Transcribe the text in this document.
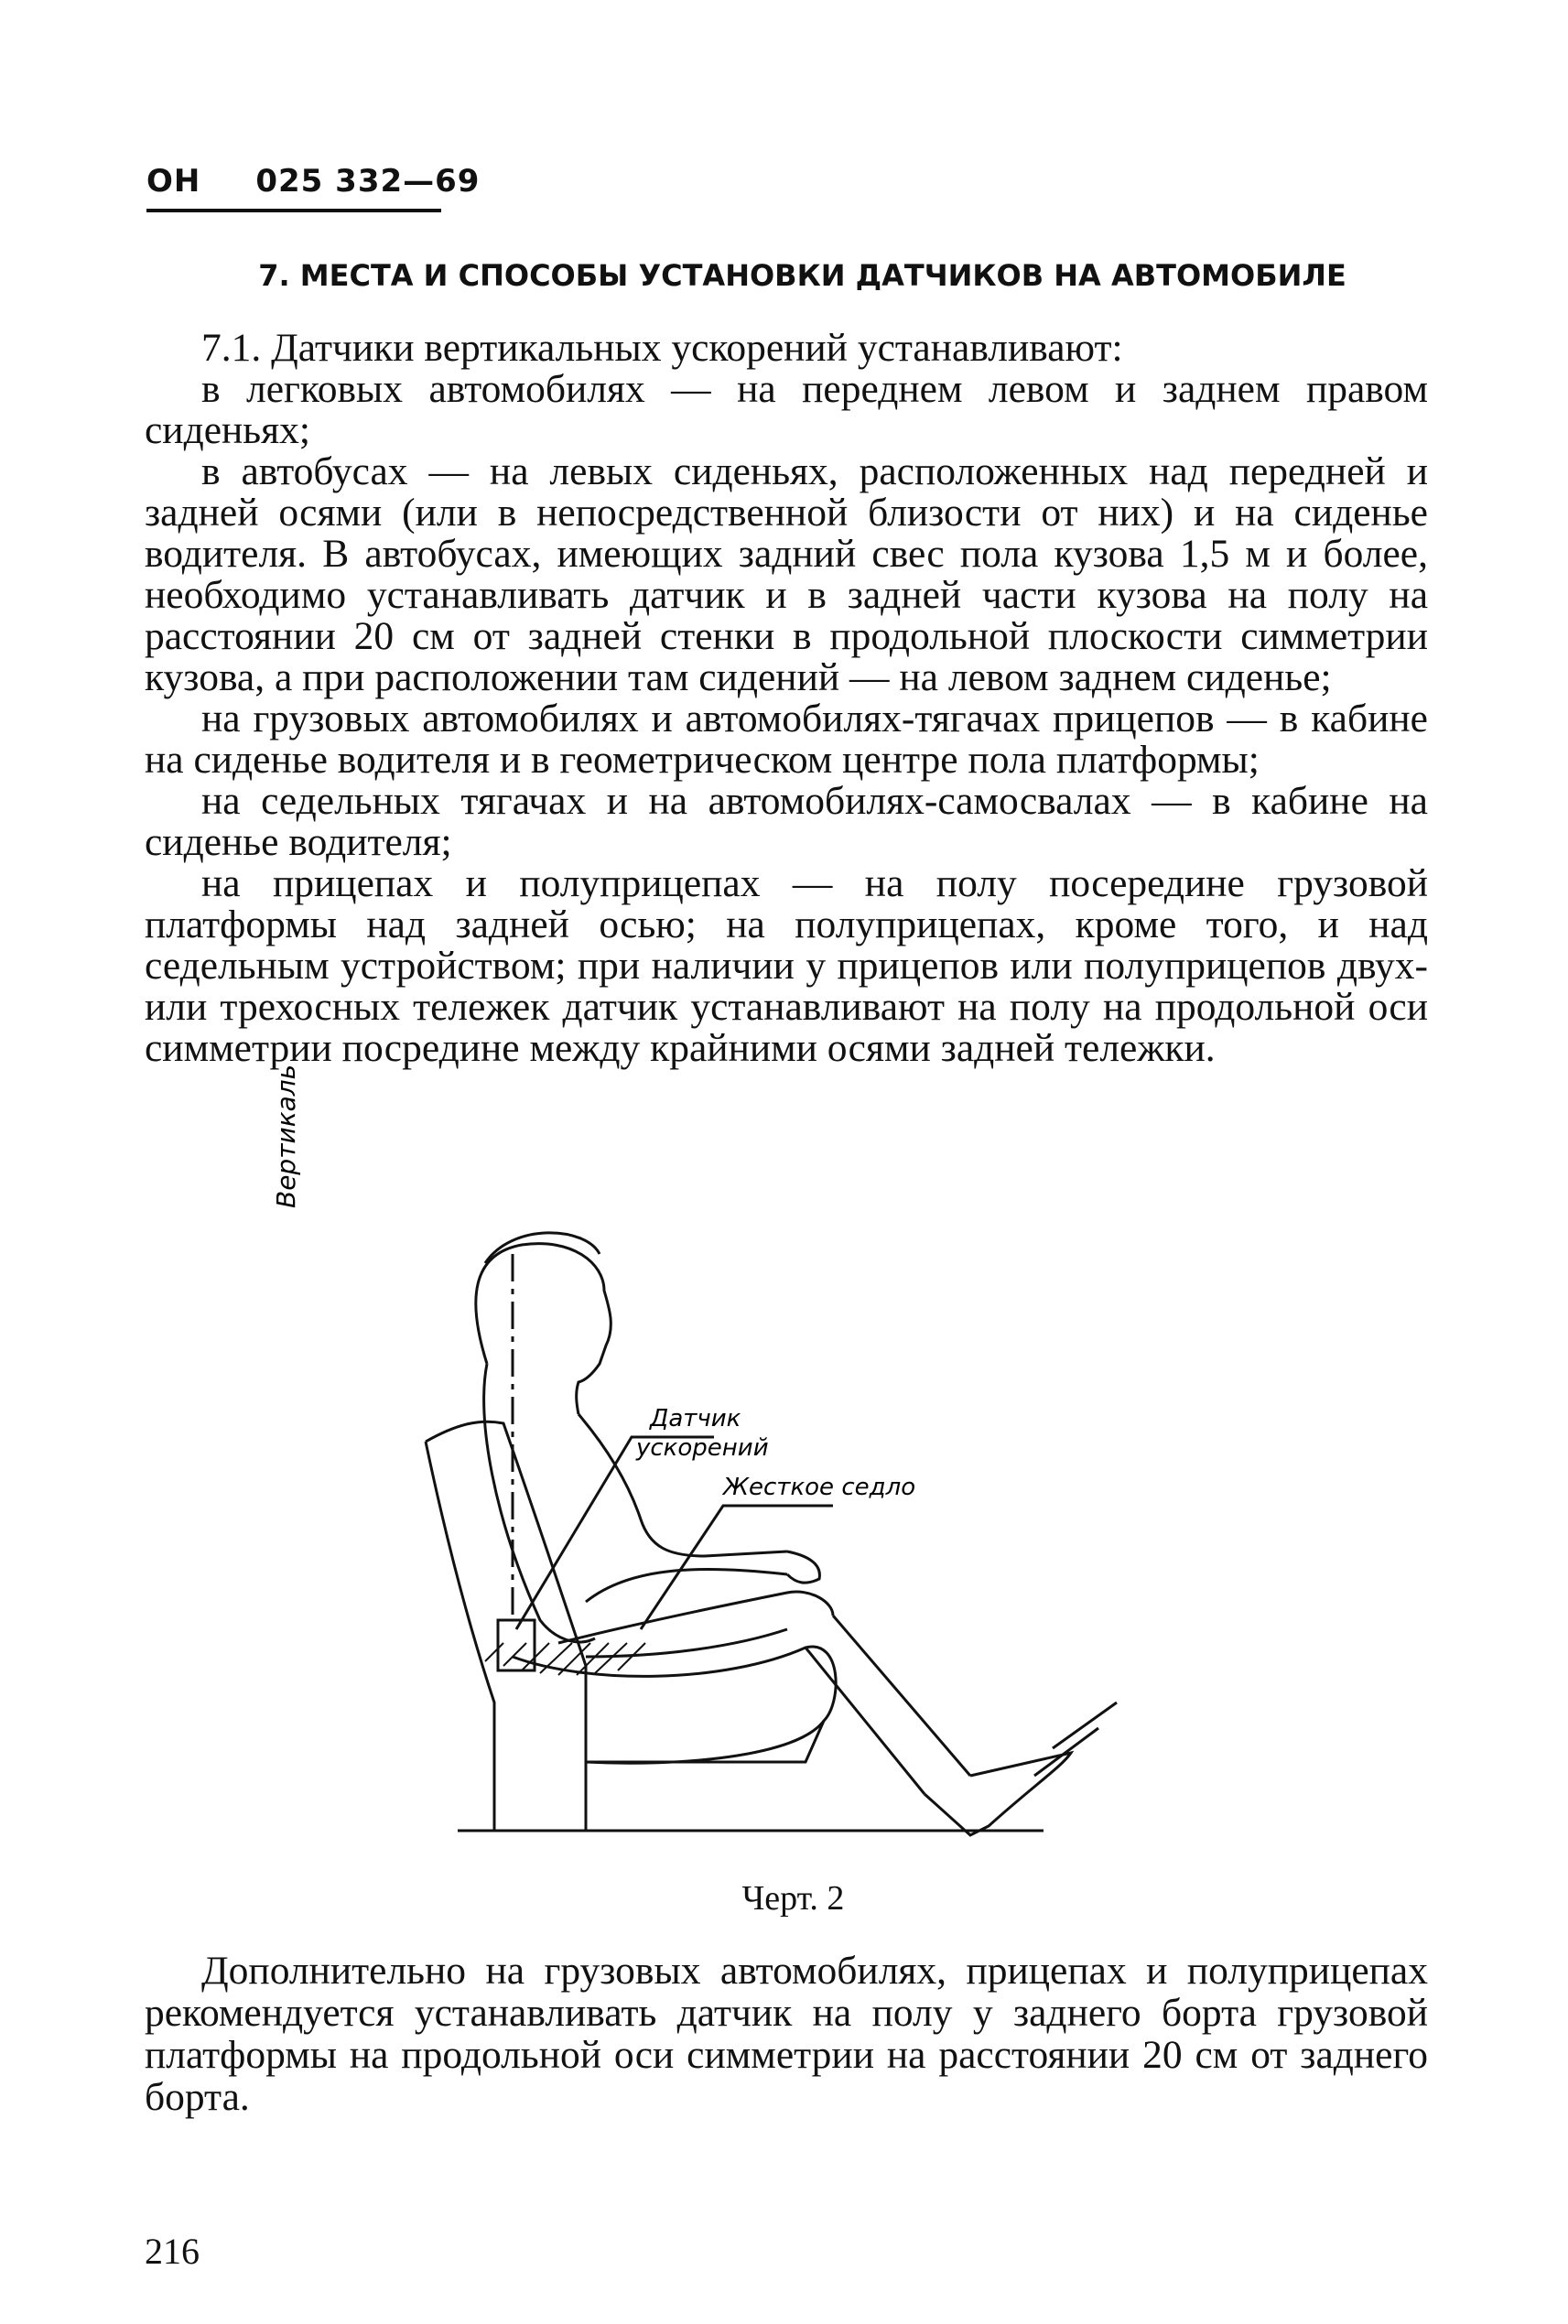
ОН 025 332—69
7. МЕСТА И СПОСОБЫ УСТАНОВКИ ДАТЧИКОВ НА АВТОМОБИЛЕ

7.1. Датчики вертикальных ускорений устанавливают:

в легковых автомобилях — на переднем левом и заднем правом сиденьях;

в автобусах — на левых сиденьях, расположенных над передней и задней осями (или в непосредственной близости от них) и на сиденье водителя. В автобусах, имеющих задний свес пола кузова 1,5 м и более, необходимо устанавливать датчик и в задней части кузова на полу на расстоянии 20 см от задней стенки в продольной плоскости симметрии кузова, а при расположении там сидений — на левом заднем сиденье;

на грузовых автомобилях и автомобилях-тягачах прицепов — в кабине на сиденье водителя и в геометрическом центре пола платформы;

на седельных тягачах и на автомобилях-самосвалах — в кабине на сиденье водителя;

на прицепах и полуприцепах — на полу посередине грузовой платформы над задней осью; на полуприцепах, кроме того, и над седельным устройством; при наличии у прицепов или полуприцепов двух- или трехосных тележек датчик устанавливают на полу на продольной оси симметрии посредине между крайними осями задней тележки.

Вертикаль
Датчик
ускорений
Жесткое седло
Черт. 2

Дополнительно на грузовых автомобилях, прицепах и полуприцепах рекомендуется устанавливать датчик на полу у заднего борта грузовой платформы на продольной оси симметрии на расстоянии 20 см от заднего борта.

216
